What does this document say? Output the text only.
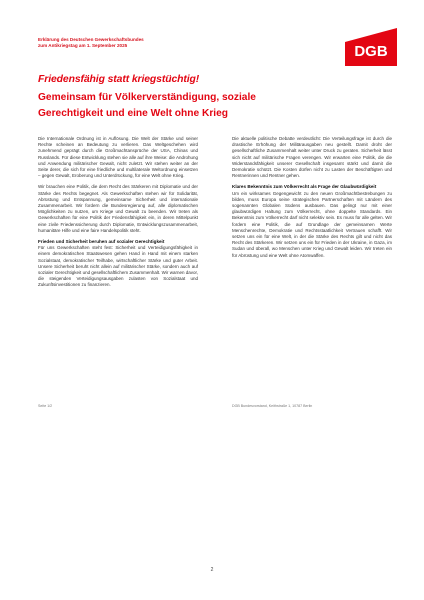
Erklärung des Deutschen Gewerkschaftsbundes
zum Antikriegstag am 1. September 2025	DGB
Friedensfähig statt kriegstüchtig!
Gemeinsam für Völkerverständigung, soziale
Gerechtigkeit und eine Welt ohne Krieg

Die Internationale Ordnung ist in Auflösung. Die Welt der Stärke und seiner Rechte scheinen an Bedeutung zu verlieren. Das Weltgeschehen wird zunehmend geprägt durch die Großmachtansprüche der USA, Chinas und Russlands. Für diese Entwicklung stehen sie alle auf ihre Weise: die Androhung und Anwendung militärischer Gewalt, nicht zuletzt. Wir stehen weiter an der Seite derer, die sich für eine friedliche und multilaterale Weltordnung einsetzen – gegen Gewalt, Eroberung und Unterdrückung, für eine Welt ohne Krieg.

Wir brauchen eine Politik, die dem Recht des Stärkeren mit Diplomatie und der Stärke des Rechts begegnet. Als Gewerkschaften stehen wir für Solidarität, Abrüstung und Entspannung, gemeinsame Sicherheit und internationale Zusammenarbeit. Wir fordern die Bundesregierung auf, alle diplomatischen Möglichkeiten zu nutzen, um Kriege und Gewalt zu beenden. Wir treten als Gewerkschaften für eine Politik der Friedensfähigkeit ein, in deren Mittelpunkt eine zivile Friedenssicherung durch Diplomatie, Entwicklungszusammenarbeit, humanitäre Hilfe und eine faire Handelspolitik steht.

Frieden und Sicherheit beruhen auf sozialer Gerechtigkeit

Für uns Gewerkschaften steht fest: Sicherheit und Verteidigungsfähigkeit in einem demokratischen Staatswesen gehen Hand in Hand mit einem starken Sozialstaat, demokratischer Teilhabe, wirtschaftlicher Stärke und guter Arbeit. Unsere Sicherheit beruht nicht allein auf militärischer Stärke, sondern auch auf sozialer Gerechtigkeit und gesellschaftlichem Zusammenhalt. Wir warnen davor, die steigenden Verteidigungsausgaben zulasten von Sozialstaat und Zukunftsinvestitionen zu finanzieren.

Die aktuelle politische Debatte verdeutlicht: Die Verteilungsfrage ist durch die drastische Erhöhung der Militärausgaben neu gestellt. Damit droht der gesellschaftliche Zusammenhalt weiter unter Druck zu geraten. Sicherheit lässt sich nicht auf militärische Fragen verengen. Wir erwarten eine Politik, die die Widerstandsfähigkeit unserer Gesellschaft insgesamt stärkt und damit die Demokratie schützt. Die Kosten dürfen nicht zu Lasten der Beschäftigten und Rentnerinnen und Rentner gehen.

Klares Bekenntnis zum Völkerrecht als Frage der Glaubwürdigkeit

Um ein wirksames Gegengewicht zu den neuen Großmachtbestrebungen zu bilden, muss Europa seine strategischen Partnerschaften mit Ländern des sogenannten Globalen Südens ausbauen. Das gelingt nur mit einer glaubwürdigen Haltung zum Völkerrecht, ohne doppelte Standards. Ein Bekenntnis zum Völkerrecht darf nicht selektiv sein. Es muss für alle gelten. Wir fordern eine Politik, die auf Grundlage der gemeinsamen Werte Menschenrechte, Demokratie und Rechtsstaatlichkeit Vertrauen schafft. Wir setzen uns ein für eine Welt, in der die Stärke des Rechts gilt und nicht das Recht des Stärkeren. Wir setzen uns ein für Frieden in der Ukraine, in Gaza, im Sudan und überall, wo Menschen unter Krieg und Gewalt leiden. Wir treten ein für Abrüstung und eine Welt ohne Atomwaffen.

Seite 1/2	DGB Bundesvorstand, Keithstraße 1, 10787 Berlin
2
